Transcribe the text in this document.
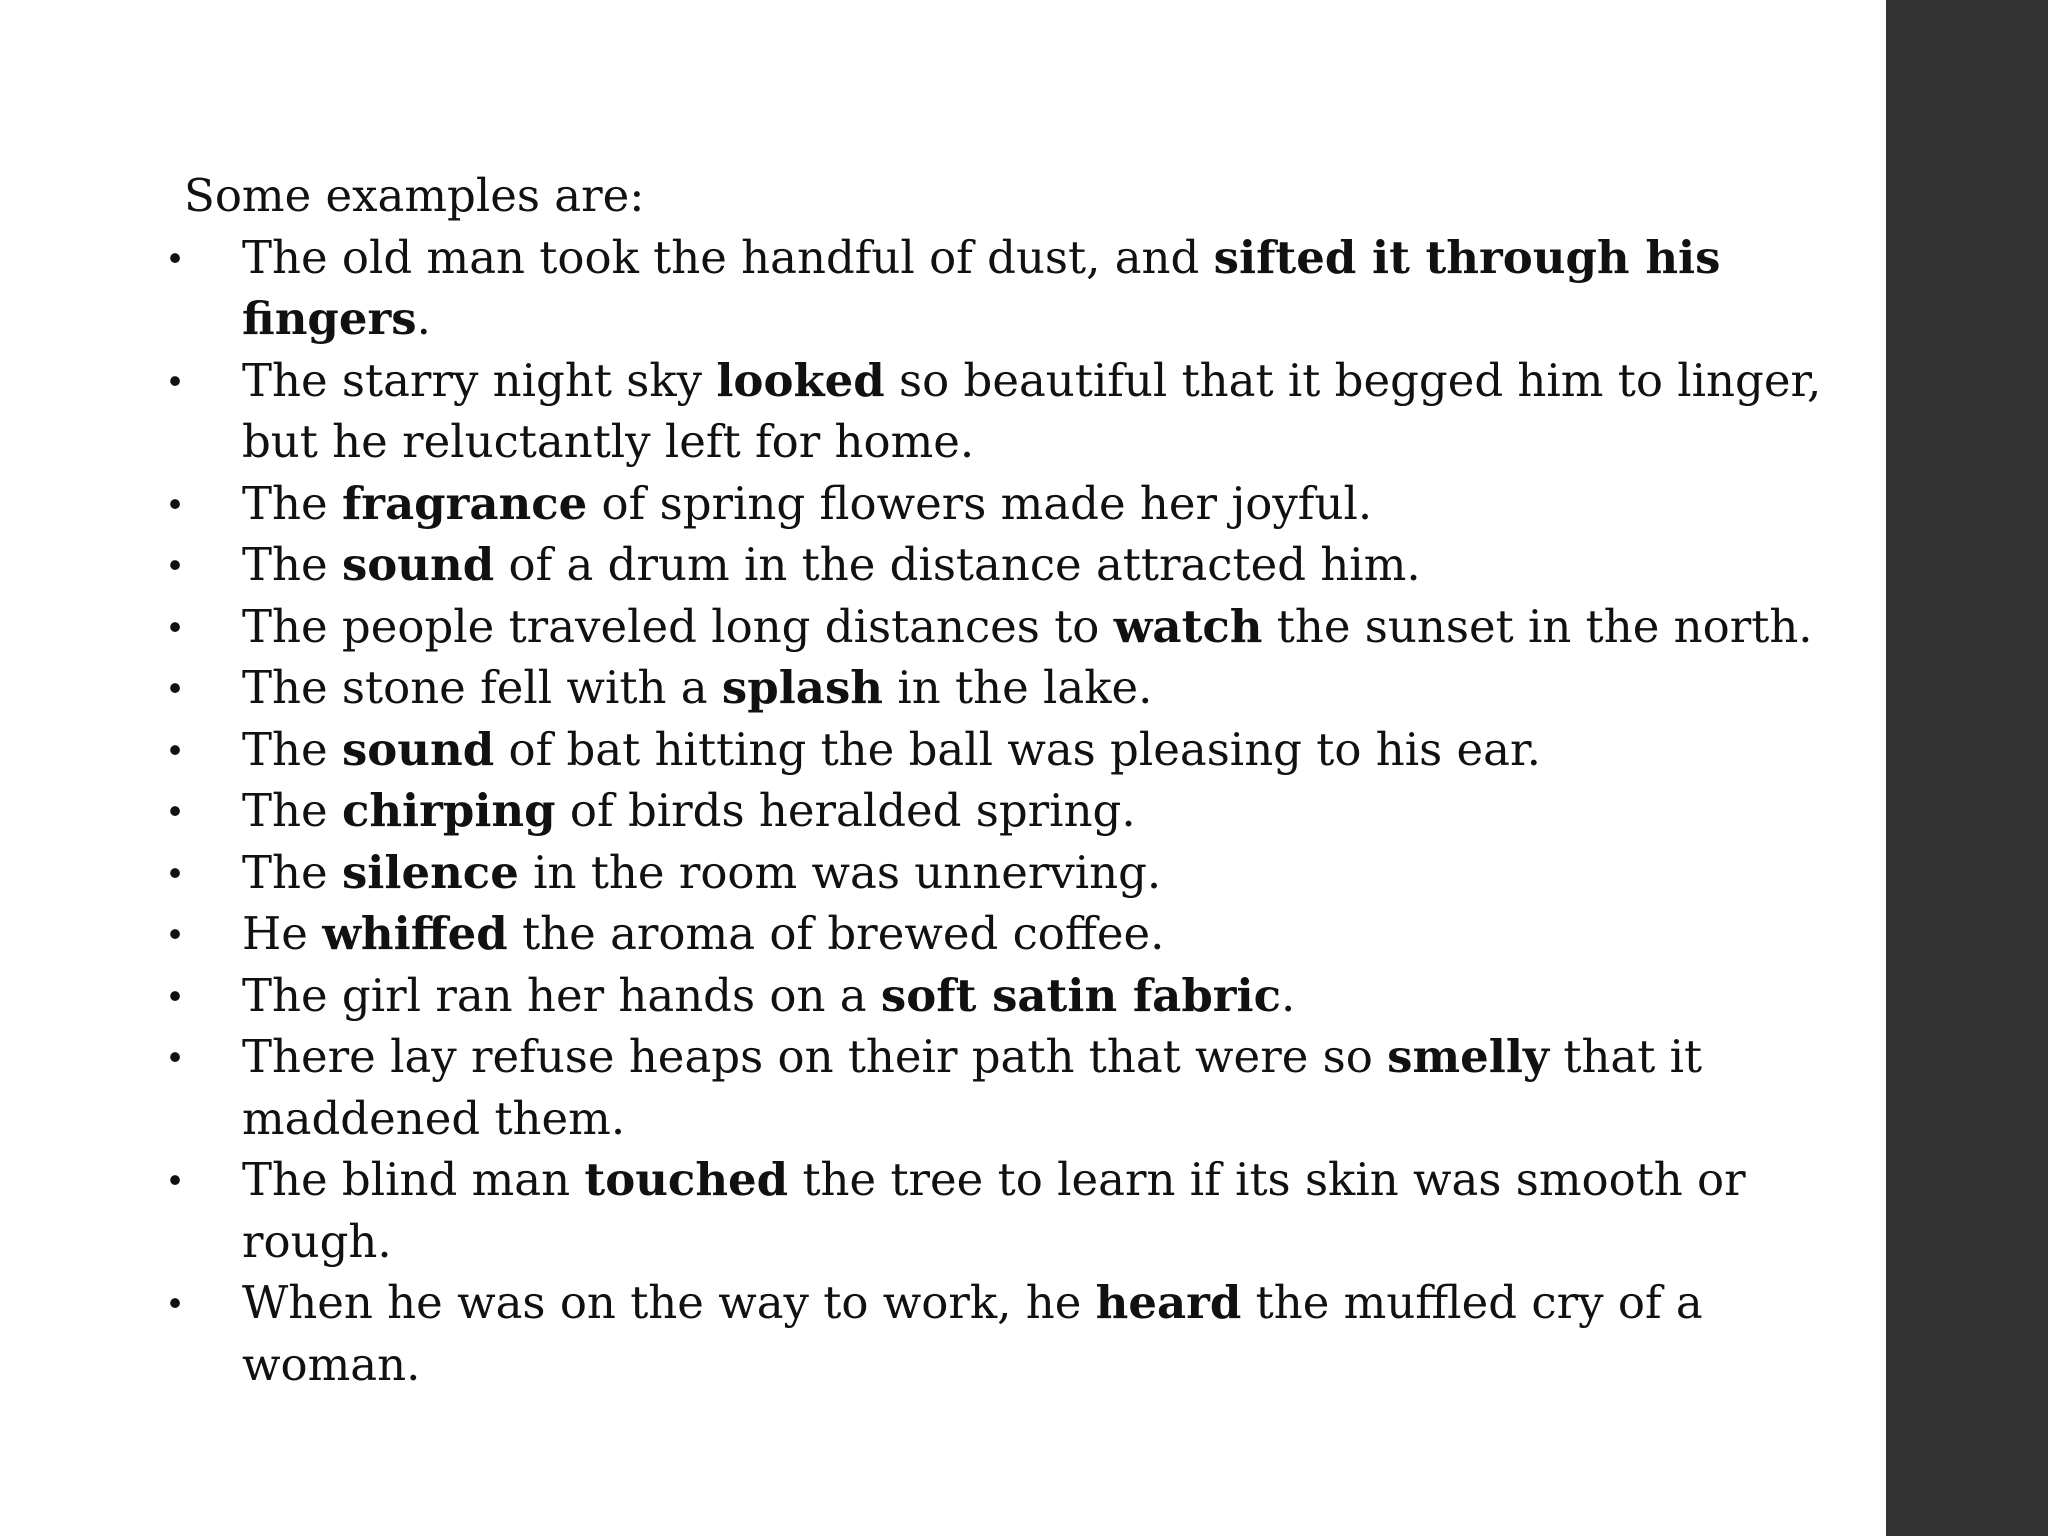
Some examples are:
• The old man took the handful of dust, and sifted it through his fingers.
• The starry night sky looked so beautiful that it begged him to linger, but he reluctantly left for home.
• The fragrance of spring flowers made her joyful.
• The sound of a drum in the distance attracted him.
• The people traveled long distances to watch the sunset in the north.
• The stone fell with a splash in the lake.
• The sound of bat hitting the ball was pleasing to his ear.
• The chirping of birds heralded spring.
• The silence in the room was unnerving.
• He whiffed the aroma of brewed coffee.
• The girl ran her hands on a soft satin fabric.
• There lay refuse heaps on their path that were so smelly that it maddened them.
• The blind man touched the tree to learn if its skin was smooth or rough.
• When he was on the way to work, he heard the muffled cry of a woman.
